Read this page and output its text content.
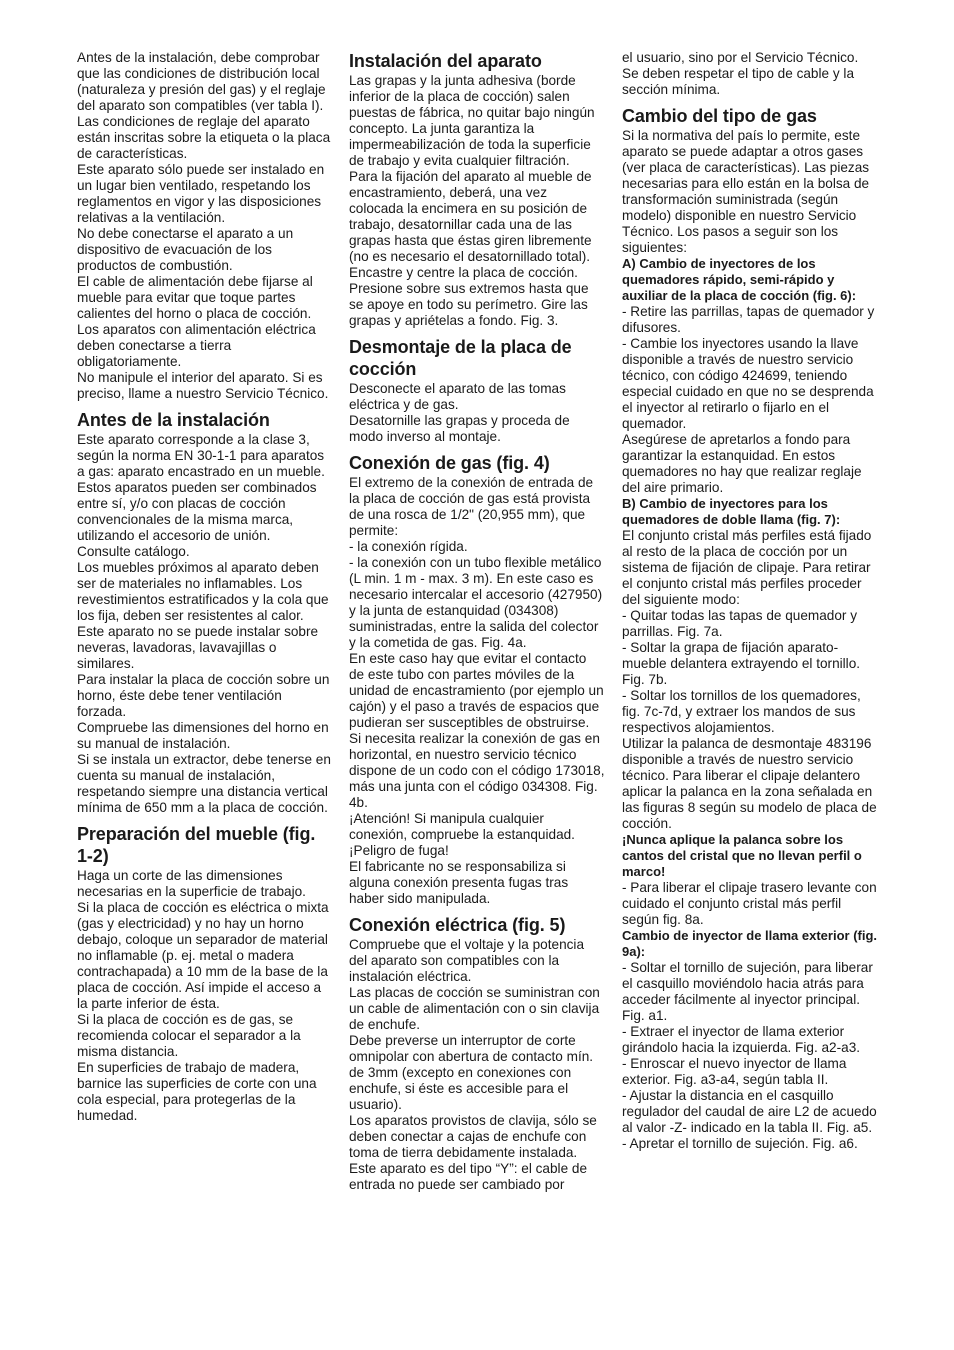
Antes de la instalación, debe comprobar que las condiciones de distribución local (naturaleza y presión del gas) y el reglaje del aparato son compatibles (ver tabla I). Las condiciones de reglaje del aparato están inscritas sobre la etiqueta o la placa de características.

Este aparato sólo puede ser instalado en un lugar bien ventilado, respetando los reglamentos en vigor y las disposiciones relativas a la ventilación.

No debe conectarse el aparato a un dispositivo de evacuación de los productos de combustión.

El cable de alimentación debe fijarse al mueble para evitar que toque partes calientes del horno o placa de cocción.

Los aparatos con alimentación eléctrica deben conectarse a tierra obligatoriamente.

No manipule el interior del aparato. Si es preciso, llame a nuestro Servicio Técnico.

Antes de la instalación

Este aparato corresponde a la clase 3, según la norma EN 30-1-1 para aparatos a gas: aparato encastrado en un mueble.

Estos aparatos pueden ser combinados entre sí, y/o con placas de cocción convencionales de la misma marca, utilizando el accesorio de unión.

Consulte catálogo.

Los muebles próximos al aparato deben ser de materiales no inflamables. Los revestimientos estratificados y la cola que los fija, deben ser resistentes al calor.

Este aparato no se puede instalar sobre neveras, lavadoras, lavavajillas o similares.

Para instalar la placa de cocción sobre un horno, éste debe tener ventilación forzada.

Compruebe las dimensiones del horno en su manual de instalación.

Si se instala un extractor, debe tenerse en cuenta su manual de instalación, respetando siempre una distancia vertical mínima de 650 mm a la placa de cocción.

Preparación del mueble (fig. 1-2)

Haga un corte de las dimensiones necesarias en la superficie de trabajo.

Si la placa de cocción es eléctrica o mixta (gas y electricidad) y no hay un horno debajo, coloque un separador de material no inflamable (p. ej. metal o madera contrachapada) a 10 mm de la base de la placa de cocción. Así impide el acceso a la parte inferior de ésta.

Si la placa de cocción es de gas, se recomienda colocar el separador a la misma distancia.

En superficies de trabajo de madera, barnice las superficies de corte con una cola especial, para protegerlas de la humedad.

Instalación del aparato

Las grapas y la junta adhesiva (borde inferior de la placa de cocción) salen puestas de fábrica, no quitar bajo ningún concepto. La junta garantiza la impermeabilización de toda la superficie de trabajo y evita cualquier filtración.

Para la fijación del aparato al mueble de encastramiento, deberá, una vez colocada la encimera en su posición de trabajo, desatornillar cada una de las grapas hasta que éstas giren libremente (no es necesario el desatornillado total).

Encastre y centre la placa de cocción. Presione sobre sus extremos hasta que se apoye en todo su perímetro. Gire las grapas y apriételas a fondo. Fig. 3.

Desmontaje de la placa de cocción

Desconecte el aparato de las tomas eléctrica y de gas.

Desatornille las grapas y proceda de modo inverso al montaje.

Conexión de gas (fig. 4)

El extremo de la conexión de entrada de la placa de cocción de gas está provista de una rosca de 1/2" (20,955 mm), que permite:

- la conexión rígida.

- la conexión con un tubo flexible metálico (L min. 1 m - max. 3 m). En este caso es necesario intercalar el accesorio (427950) y la junta de estanquidad (034308) suministradas, entre la salida del colector y la cometida de gas. Fig. 4a.

En este caso hay que evitar el contacto de este tubo con partes móviles de la unidad de encastramiento (por ejemplo un cajón) y el paso a través de espacios que pudieran ser susceptibles de obstruirse.

Si necesita realizar la conexión de gas en horizontal, en nuestro servicio técnico dispone de un codo con el código 173018, más una junta con el código 034308. Fig. 4b.

¡Atención! Si manipula cualquier conexión, compruebe la estanquidad. ¡Peligro de fuga!

El fabricante no se responsabiliza si alguna conexión presenta fugas tras haber sido manipulada.

Conexión eléctrica (fig. 5)

Compruebe que el voltaje y la potencia del aparato son compatibles con la instalación eléctrica.

Las placas de cocción se suministran con un cable de alimentación con o sin clavija de enchufe.

Debe preverse un interruptor de corte omnipolar con abertura de contacto mín. de 3mm (excepto en conexiones con enchufe, si éste es accesible para el usuario).

Los aparatos provistos de clavija, sólo se deben conectar a cajas de enchufe con toma de tierra debidamente instalada.

Este aparato es del tipo “Y”: el cable de entrada no puede ser cambiado por

el usuario, sino por el Servicio Técnico. Se deben respetar el tipo de cable y la sección mínima.

Cambio del tipo de gas

Si la normativa del país lo permite, este aparato se puede adaptar a otros gases (ver placa de características). Las piezas necesarias para ello están en la bolsa de transformación suministrada (según modelo) disponible en nuestro Servicio Técnico. Los pasos a seguir son los siguientes:

A) Cambio de inyectores de los quemadores rápido, semi-rápido y auxiliar de la placa de cocción (fig. 6):

- Retire las parrillas, tapas de quemador y difusores.

- Cambie los inyectores usando la llave disponible a través de nuestro servicio técnico, con código 424699, teniendo especial cuidado en que no se desprenda el inyector al retirarlo o fijarlo en el quemador.

Asegúrese de apretarlos a fondo para garantizar la estanquidad. En estos quemadores no hay que realizar reglaje del aire primario.

B) Cambio de inyectores para los quemadores de doble llama (fig. 7):

El conjunto cristal más perfiles está fijado al resto de la placa de cocción por un sistema de fijación de clipaje. Para retirar el conjunto cristal más perfiles proceder del siguiente modo:

- Quitar todas las tapas de quemador y parrillas. Fig. 7a.

- Soltar la grapa de fijación aparato-mueble delantera extrayendo el tornillo. Fig. 7b.

- Soltar los tornillos de los quemadores, fig. 7c-7d, y extraer los mandos de sus respectivos alojamientos.

Utilizar la palanca de desmontaje 483196 disponible a través de nuestro servicio técnico. Para liberar el clipaje delantero aplicar la palanca en la zona señalada en las figuras 8 según su modelo de placa de cocción.

¡Nunca aplique la palanca sobre los cantos del cristal que no llevan perfil o marco!

- Para liberar el clipaje trasero levante con cuidado el conjunto cristal más perfil según fig. 8a.

Cambio de inyector de llama exterior (fig. 9a):

- Soltar el tornillo de sujeción, para liberar el casquillo moviéndolo hacia atrás para acceder fácilmente al inyector principal. Fig. a1.

- Extraer el inyector de llama exterior girándolo hacia la izquierda. Fig. a2-a3.

- Enroscar el nuevo inyector de llama exterior. Fig. a3-a4, según tabla II.

- Ajustar la distancia en el casquillo regulador del caudal de aire L2 de acuedo al valor -Z- indicado en la tabla II. Fig. a5.

- Apretar el tornillo de sujeción. Fig. a6.
